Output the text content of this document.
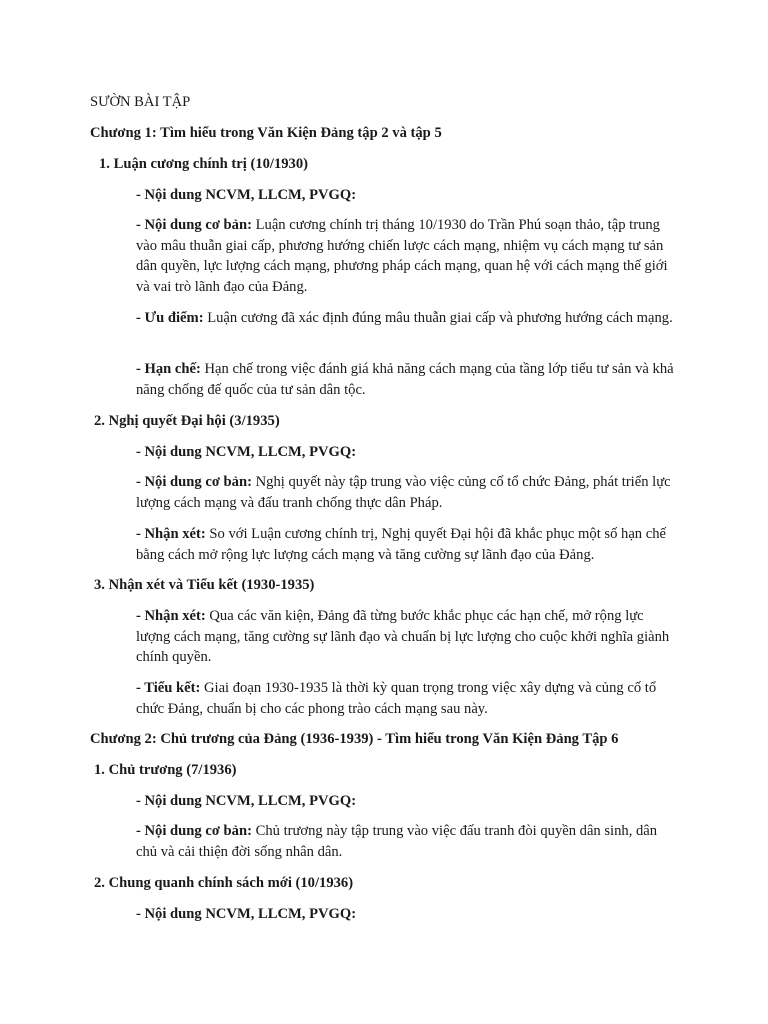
SƯỜN BÀI TẬP
Chương 1: Tìm hiểu trong Văn Kiện Đảng tập 2 và tập 5
1. Luận cương chính trị (10/1930)
- Nội dung NCVM, LLCM, PVGQ:
- Nội dung cơ bản: Luận cương chính trị tháng 10/1930 do Trần Phú soạn thảo, tập trung vào mâu thuẫn giai cấp, phương hướng chiến lược cách mạng, nhiệm vụ cách mạng tư sản dân quyền, lực lượng cách mạng, phương pháp cách mạng, quan hệ với cách mạng thế giới và vai trò lãnh đạo của Đảng.
- Ưu điểm: Luận cương đã xác định đúng mâu thuẫn giai cấp và phương hướng cách mạng.
- Hạn chế: Hạn chế trong việc đánh giá khả năng cách mạng của tầng lớp tiểu tư sản và khả năng chống đế quốc của tư sản dân tộc.
2. Nghị quyết Đại hội (3/1935)
- Nội dung NCVM, LLCM, PVGQ:
- Nội dung cơ bản: Nghị quyết này tập trung vào việc củng cố tổ chức Đảng, phát triển lực lượng cách mạng và đấu tranh chống thực dân Pháp.
- Nhận xét: So với Luận cương chính trị, Nghị quyết Đại hội đã khắc phục một số hạn chế bằng cách mở rộng lực lượng cách mạng và tăng cường sự lãnh đạo của Đảng.
3. Nhận xét và Tiểu kết (1930-1935)
- Nhận xét: Qua các văn kiện, Đảng đã từng bước khắc phục các hạn chế, mở rộng lực lượng cách mạng, tăng cường sự lãnh đạo và chuẩn bị lực lượng cho cuộc khởi nghĩa giành chính quyền.
- Tiểu kết: Giai đoạn 1930-1935 là thời kỳ quan trọng trong việc xây dựng và củng cố tổ chức Đảng, chuẩn bị cho các phong trào cách mạng sau này.
Chương 2: Chủ trương của Đảng (1936-1939) - Tìm hiểu trong Văn Kiện Đảng Tập 6
1. Chủ trương (7/1936)
- Nội dung NCVM, LLCM, PVGQ:
- Nội dung cơ bản: Chủ trương này tập trung vào việc đấu tranh đòi quyền dân sinh, dân chủ và cải thiện đời sống nhân dân.
2. Chung quanh chính sách mới (10/1936)
- Nội dung NCVM, LLCM, PVGQ:
